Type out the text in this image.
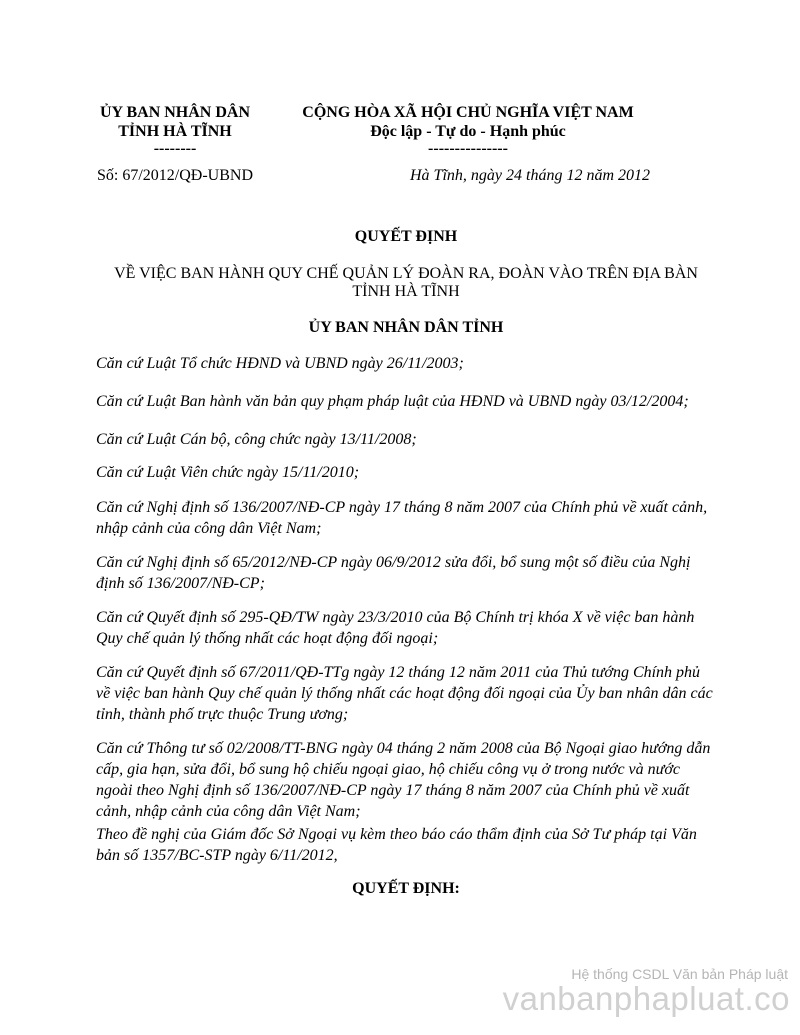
ỦY BAN NHÂN DÂN
TỈNH HÀ TĨNH
--------
Số: 67/2012/QĐ-UBND
CỘNG HÒA XÃ HỘI CHỦ NGHĨA VIỆT NAM
Độc lập - Tự do - Hạnh phúc
---------------
Hà Tĩnh, ngày 24 tháng 12 năm 2012
QUYẾT ĐỊNH
VỀ VIỆC BAN HÀNH QUY CHẾ QUẢN LÝ ĐOÀN RA, ĐOÀN VÀO TRÊN ĐỊA BÀN
TỈNH HÀ TĨNH
ỦY BAN NHÂN DÂN TỈNH
Căn cứ Luật Tổ chức HĐND và UBND ngày 26/11/2003;
Căn cứ Luật Ban hành văn bản quy phạm pháp luật của HĐND và UBND ngày 03/12/2004;
Căn cứ Luật Cán bộ, công chức ngày 13/11/2008;
Căn cứ Luật Viên chức ngày 15/11/2010;
Căn cứ Nghị định số 136/2007/NĐ-CP ngày 17 tháng 8 năm 2007 của Chính phủ về xuất cảnh, nhập cảnh của công dân Việt Nam;
Căn cứ Nghị định số 65/2012/NĐ-CP ngày 06/9/2012 sửa đổi, bổ sung một số điều của Nghị định số 136/2007/NĐ-CP;
Căn cứ Quyết định số 295-QĐ/TW ngày 23/3/2010 của Bộ Chính trị khóa X về việc ban hành Quy chế quản lý thống nhất các hoạt động đối ngoại;
Căn cứ Quyết định số 67/2011/QĐ-TTg ngày 12 tháng 12 năm 2011 của Thủ tướng Chính phủ về việc ban hành Quy chế quản lý thống nhất các hoạt động đối ngoại của Ủy ban nhân dân các tỉnh, thành phố trực thuộc Trung ương;
Căn cứ Thông tư số 02/2008/TT-BNG ngày 04 tháng 2 năm 2008 của Bộ Ngoại giao hướng dẫn cấp, gia hạn, sửa đổi, bổ sung hộ chiếu ngoại giao, hộ chiếu công vụ ở trong nước và nước ngoài theo Nghị định số 136/2007/NĐ-CP ngày 17 tháng 8 năm 2007 của Chính phủ về xuất cảnh, nhập cảnh của công dân Việt Nam;
Theo đề nghị của Giám đốc Sở Ngoại vụ kèm theo báo cáo thẩm định của Sở Tư pháp tại Văn bản số 1357/BC-STP ngày 6/11/2012,
QUYẾT ĐỊNH:
Hệ thống CSDL Văn bản Pháp luật
vanbanphapluat.co
